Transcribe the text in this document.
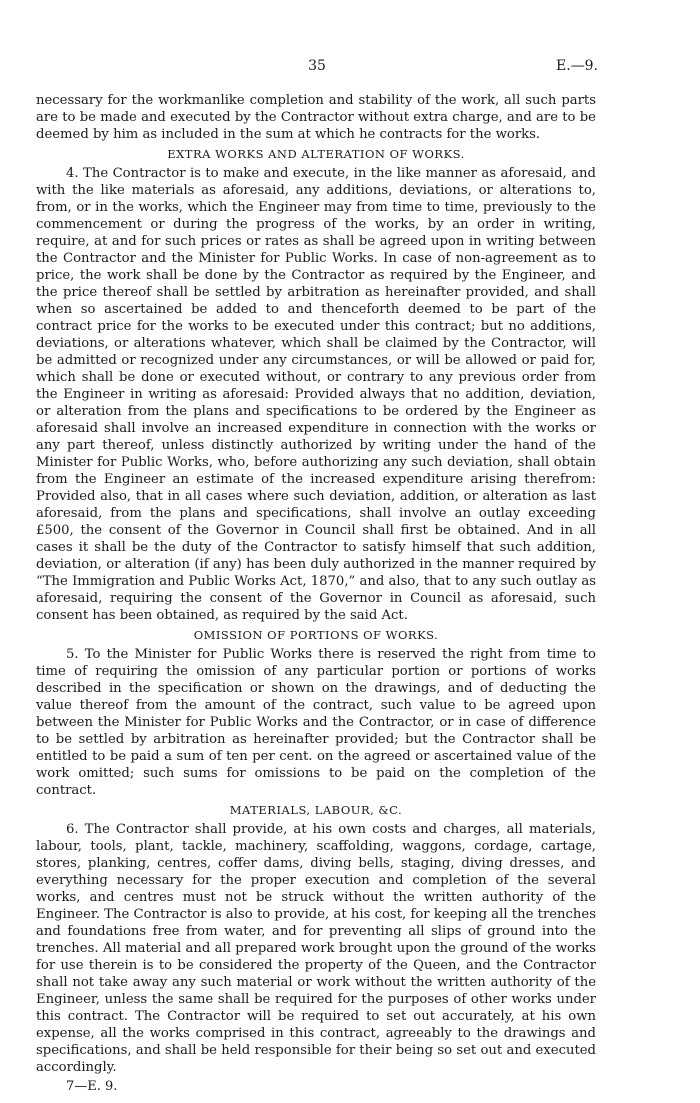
35	E.—9.

necessary for the workmanlike completion and stability of the work, all such parts are to be made and executed by the Contractor without extra charge, and are to be deemed by him as included in the sum at which he contracts for the works.

EXTRA WORKS AND ALTERATION OF WORKS.

4. The Contractor is to make and execute, in the like manner as aforesaid, and with the like materials as aforesaid, any additions, deviations, or alterations to, from, or in the works, which the Engineer may from time to time, previously to the commencement or during the progress of the works, by an order in writing, require, at and for such prices or rates as shall be agreed upon in writing between the Contractor and the Minister for Public Works. In case of non-agreement as to price, the work shall be done by the Contractor as required by the Engineer, and the price thereof shall be settled by arbitration as hereinafter provided, and shall when so ascertained be added to and thenceforth deemed to be part of the contract price for the works to be executed under this contract; but no additions, deviations, or alterations whatever, which shall be claimed by the Contractor, will be admitted or recognized under any circumstances, or will be allowed or paid for, which shall be done or executed without, or contrary to any previous order from the Engineer in writing as aforesaid: Provided always that no addition, deviation, or alteration from the plans and specifications to be ordered by the Engineer as aforesaid shall involve an increased expenditure in connection with the works or any part thereof, unless distinctly authorized by writing under the hand of the Minister for Public Works, who, before authorizing any such deviation, shall obtain from the Engineer an estimate of the increased expenditure arising therefrom: Provided also, that in all cases where such deviation, addition, or alteration as last aforesaid, from the plans and specifications, shall involve an outlay exceeding £500, the consent of the Governor in Council shall first be obtained. And in all cases it shall be the duty of the Contractor to satisfy himself that such addition, deviation, or alteration (if any) has been duly authorized in the manner required by “The Immigration and Public Works Act, 1870,” and also, that to any such outlay as aforesaid, requiring the consent of the Governor in Council as aforesaid, such consent has been obtained, as required by the said Act.

OMISSION OF PORTIONS OF WORKS.

5. To the Minister for Public Works there is reserved the right from time to time of requiring the omission of any particular portion or portions of works described in the specification or shown on the drawings, and of deducting the value thereof from the amount of the contract, such value to be agreed upon between the Minister for Public Works and the Contractor, or in case of difference to be settled by arbitration as hereinafter provided; but the Contractor shall be entitled to be paid a sum of ten per cent. on the agreed or ascertained value of the work omitted; such sums for omissions to be paid on the completion of the contract.

MATERIALS, LABOUR, &C.

6. The Contractor shall provide, at his own costs and charges, all materials, labour, tools, plant, tackle, machinery, scaffolding, waggons, cordage, cartage, stores, planking, centres, coffer dams, diving bells, staging, diving dresses, and everything necessary for the proper execution and completion of the several works, and centres must not be struck without the written authority of the Engineer. The Contractor is also to provide, at his cost, for keeping all the trenches and foundations free from water, and for preventing all slips of ground into the trenches. All material and all prepared work brought upon the ground of the works for use therein is to be considered the property of the Queen, and the Contractor shall not take away any such material or work without the written authority of the Engineer, unless the same shall be required for the purposes of other works under this contract. The Contractor will be required to set out accurately, at his own expense, all the works comprised in this contract, agreeably to the drawings and specifications, and shall be held responsible for their being so set out and executed accordingly.

7—E. 9.
